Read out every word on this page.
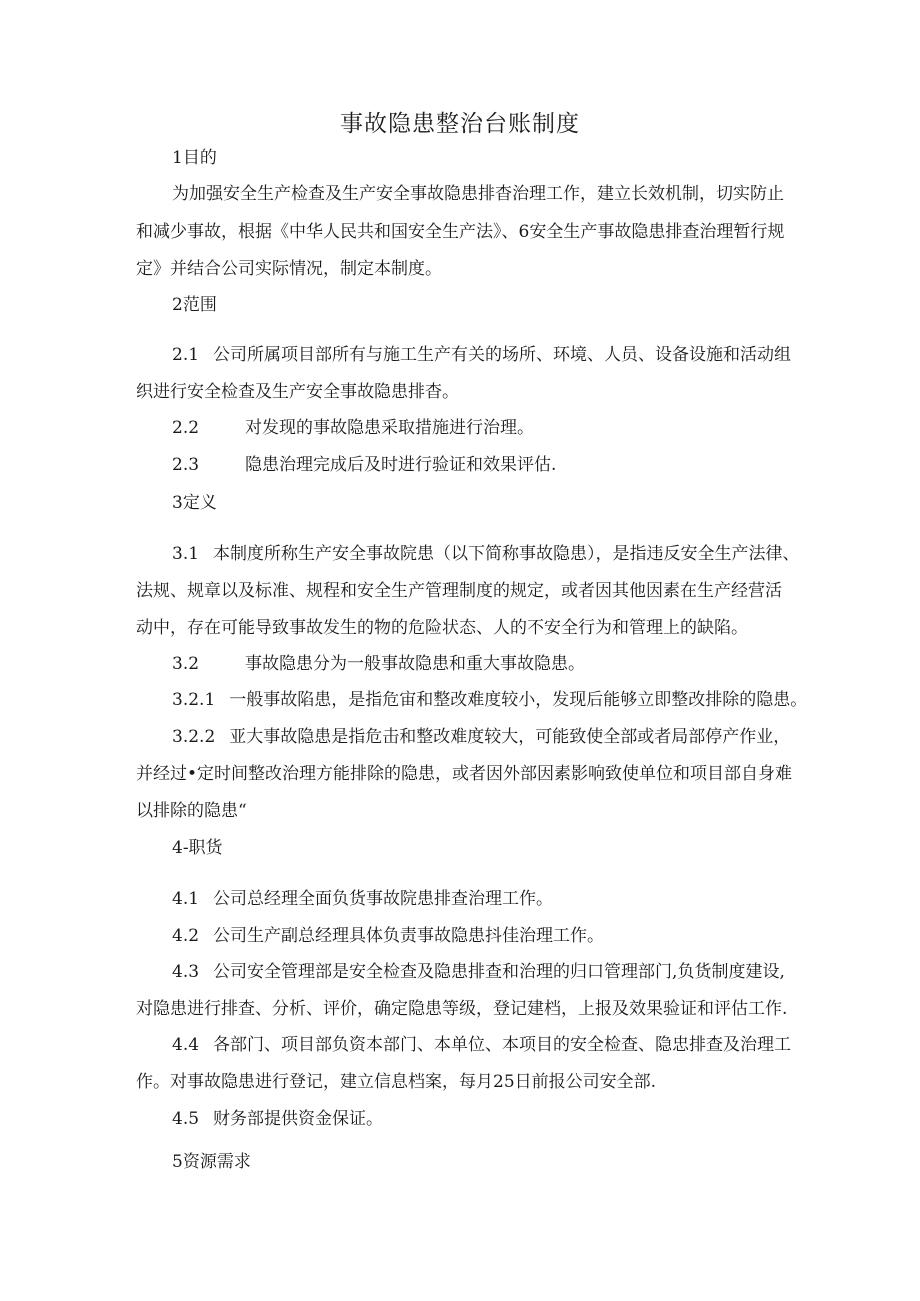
事故隐患整治台账制度
1目的
为加强安全生产检查及生产安全事故隐患排杳治理工作，建立长效机制，切实防止
和减少事故，根据《中华人民共和国安全生产法》、6安全生产事故隐患排查治理暂行规
定》并结合公司实际情况，制定本制度。
2范围
2.1 公司所属项目部所有与施工生产有关的场所、环境、人员、设备设施和活动组
织进行安全检查及生产安全事故隐患排杳。
2.2	对发现的事故隐患采取措施进行治理。
2.3	隐患治理完成后及时进行验证和效果评估.
3定义
3.1 本制度所称生产安全事故院患（以下简称事故隐患），是指违反安全生产法律、
法规、规章以及标准、规程和安全生产管理制度的规定，或者因其他因素在生产经营活
动中，存在可能导致事故发生的物的危险状态、人的不安全行为和管理上的缺陷。
3.2	事故隐患分为一般事故隐患和重大事故隐患。
3.2.1 一般事故陷患，是指危宙和整改难度较小，发现后能够立即整改排除的隐患。
3.2.2 亚大事故隐患是指危击和整改难度较大，可能致使全部或者局部停产作业，
并经过•定时间整改治理方能排除的隐患，或者因外部因素影响致使单位和项目部自身难
以排除的隐患“
4-职货
4.1 公司总经理全面负货事故院患排查治理工作。
4.2 公司生产副总经理具体负责事故隐患抖佳治理工作。
4.3 公司安全管理部是安全检查及隐患排查和治理的归口管理部门,负货制度建设,
对隐患进行排查、分析、评价，确定隐患等级，登记建档，上报及效果验证和评估工作.
4.4 各部门、项目部负资本部门、本单位、本项目的安全检查、隐忠排查及治理工
作。对事故隐患进行登记，建立信息档案，每月25日前报公司安全部.
4.5 财务部提供资金保证。
5资源需求
